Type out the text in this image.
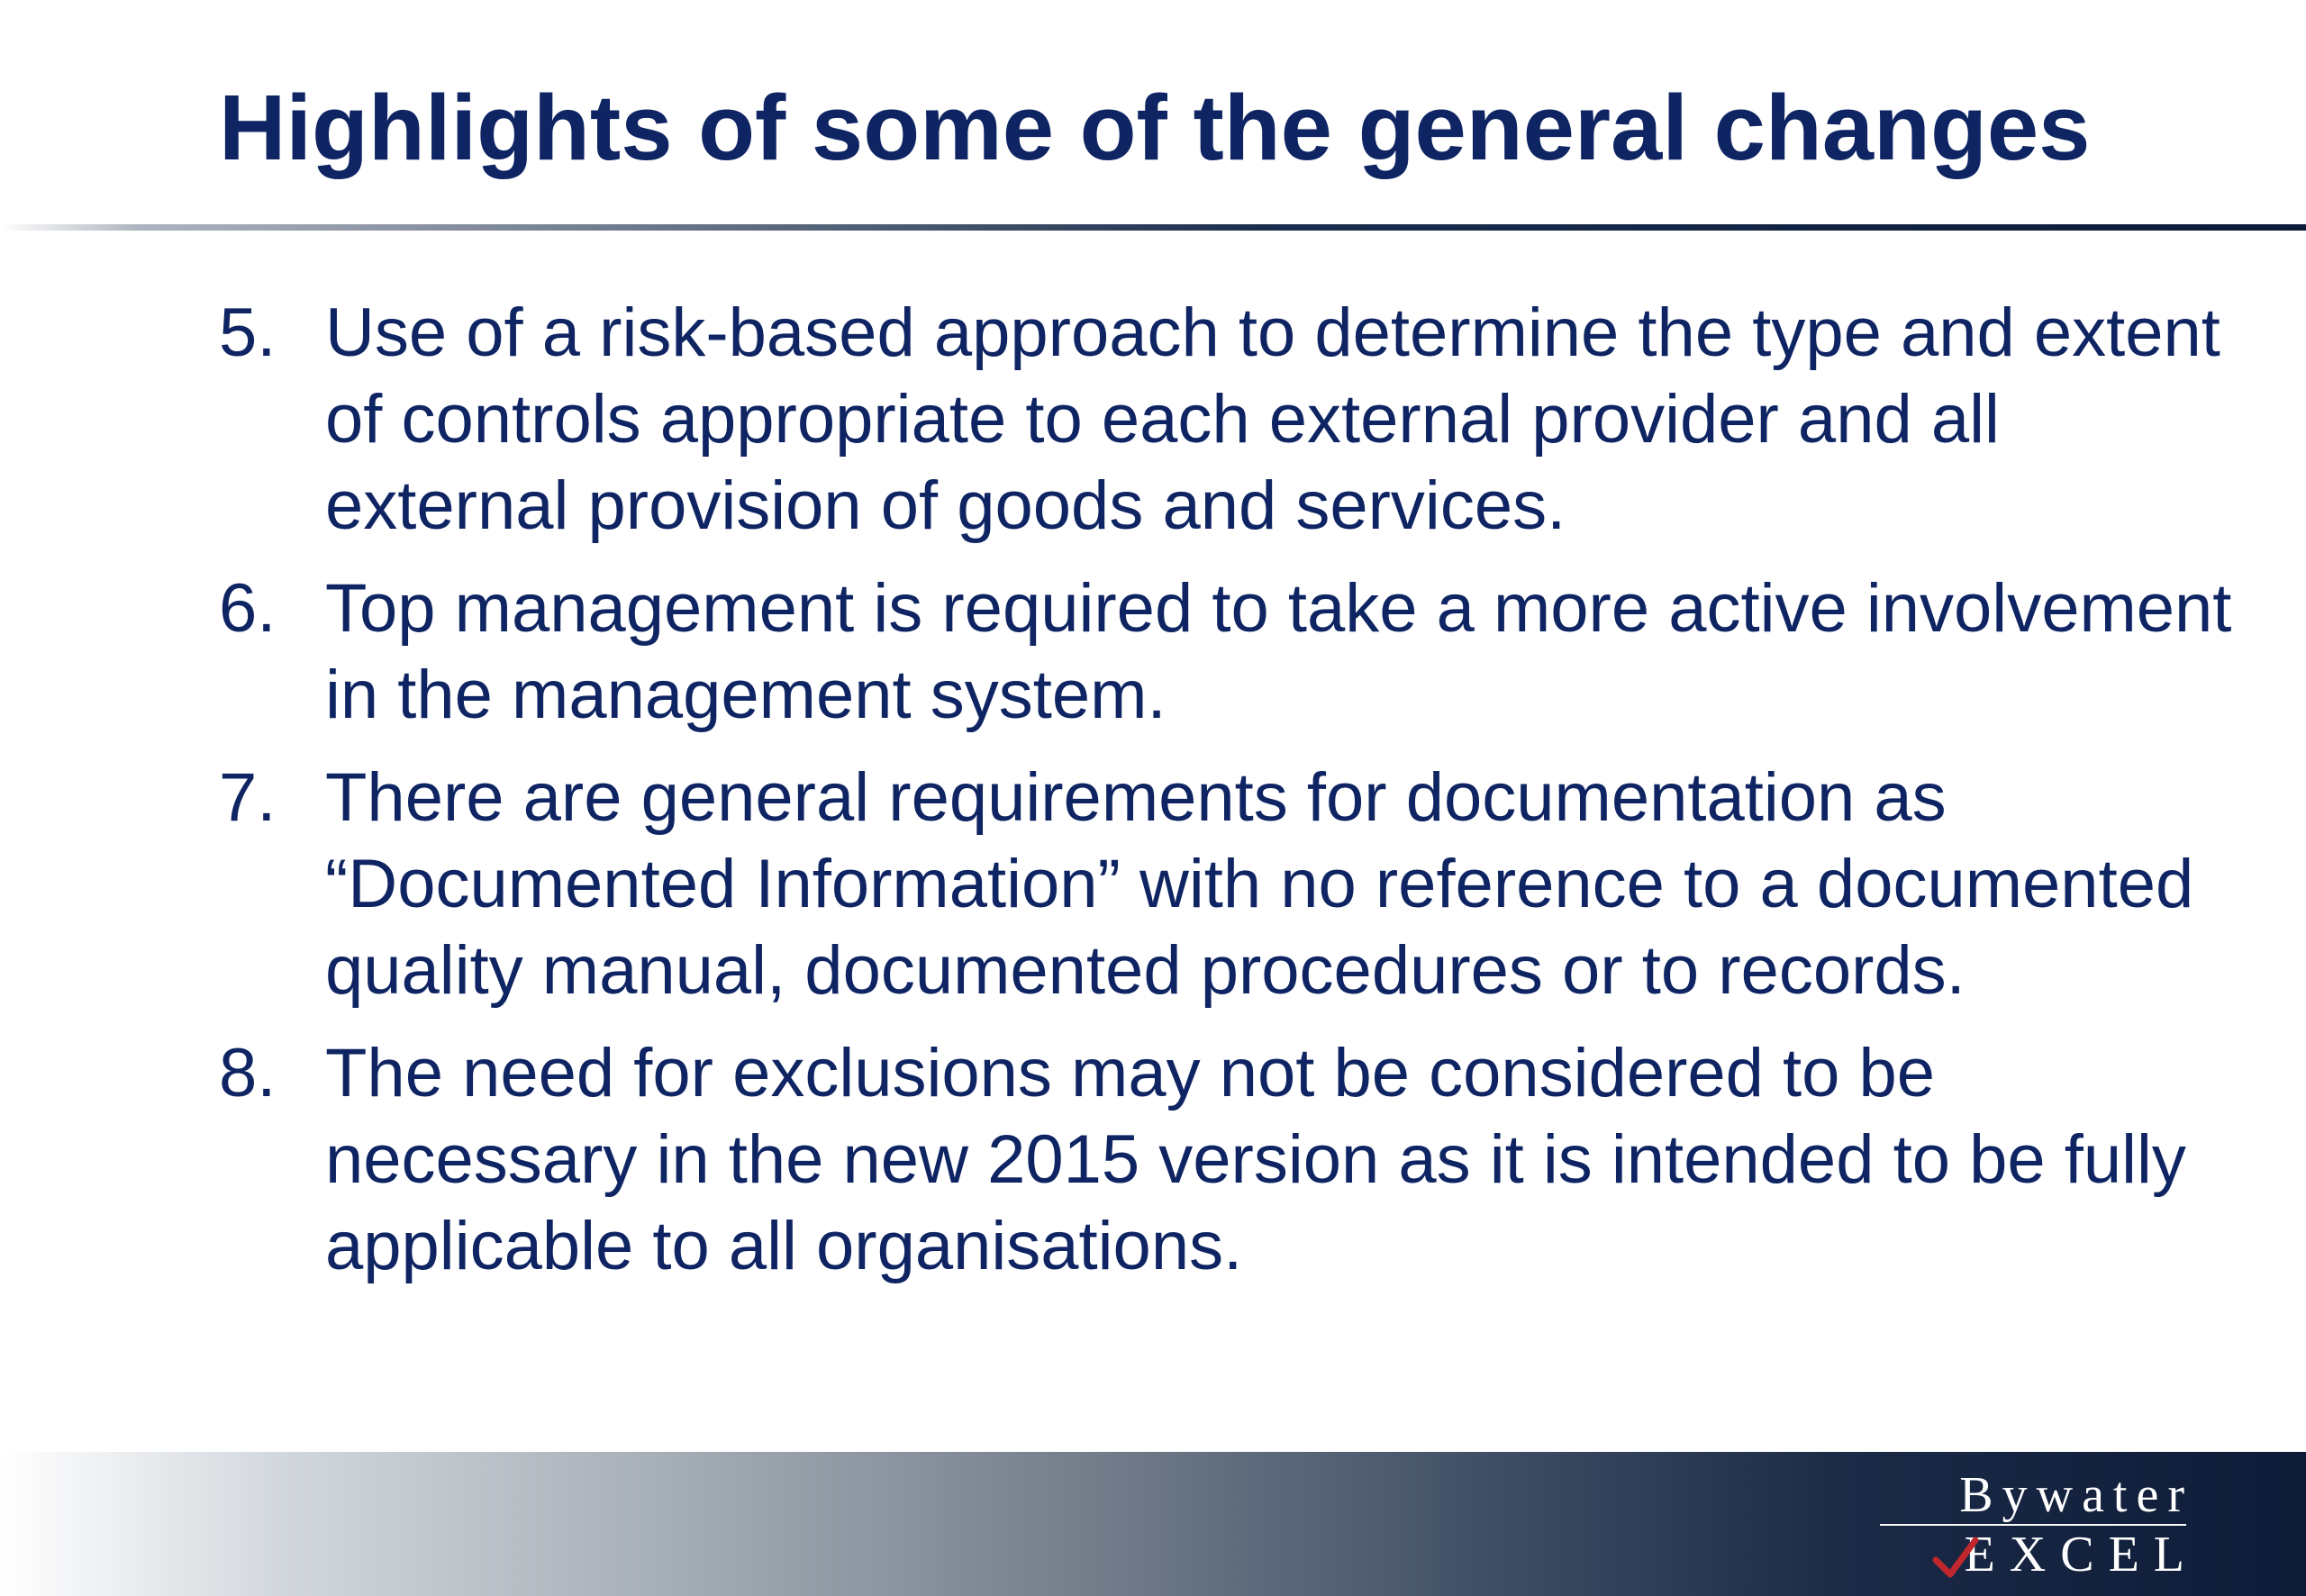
Highlights of some of the general changes
5. Use of a risk-based approach to determine the type and extent of controls appropriate to each external provider and all external provision of goods and services.
6. Top management is required to take a more active involvement in the management system.
7. There are general requirements for documentation as “Documented Information” with no reference to a documented quality manual, documented procedures or to records.
8. The need for exclusions may not be considered to be necessary in the new 2015 version as it is intended to be fully applicable to all organisations.
Bywater
EXCEL
